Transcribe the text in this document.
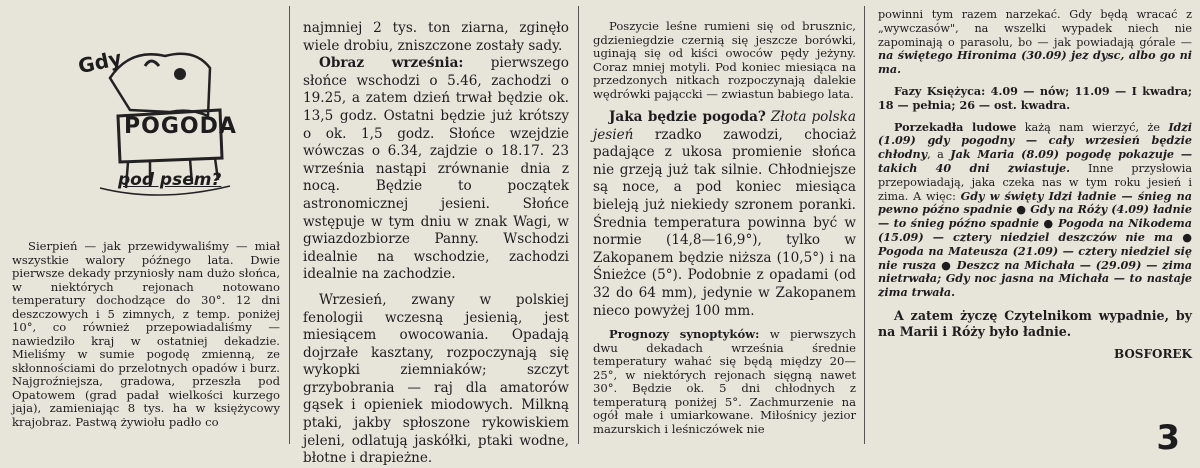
Gdy
POGODA
pod psem?

Sierpień — jak przewidywaliśmy — miał wszystkie walory późnego lata. Dwie pierwsze dekady przyniosły nam dużo słońca, w niektórych rejonach notowano temperatury dochodzące do 30°. 12 dni deszczowych i 5 zimnych, z temp. poniżej 10°, co również przepowiadaliśmy — nawiedziło kraj w ostatniej dekadzie. Mieliśmy w sumie pogodę zmienną, ze skłonnościami do przelotnych opadów i burz. Najgroźniejsza, gradowa, przeszła pod Opatowem (grad padał wielkości kurzego jaja), zamieniając 8 tys. ha w księżycowy krajobraz. Pastwą żywiołu padło co

najmniej 2 tys. ton ziarna, zginęło wiele drobiu, zniszczone zostały sady.

Obraz września: pierwszego słońce wschodzi o 5.46, zachodzi o 19.25, a zatem dzień trwał będzie ok. 13,5 godz. Ostatni będzie już krótszy o ok. 1,5 godz. Słońce wzejdzie wówczas o 6.34, zajdzie o 18.17. 23 września nastąpi zrównanie dnia z nocą. Będzie to początek astronomicznej jesieni. Słońce wstępuje w tym dniu w znak Wagi, w gwiazdozbiorze Panny. Wschodzi idealnie na wschodzie, zachodzi idealnie na zachodzie.

Wrzesień, zwany w polskiej fenologii wczesną jesienią, jest miesiącem owocowania. Opadają dojrzałe kasztany, rozpoczynają się wykopki ziemniaków; szczyt grzybobrania — raj dla amatorów gąsek i opieniek miodowych. Milkną ptaki, jakby spłoszone rykowiskiem jeleni, odlatują jaskółki, ptaki wodne, błotne i drapieżne.

Poszycie leśne rumieni się od brusznic, gdzieniegdzie czernią się jeszcze borówki, uginają się od kiści owoców pędy jeżyny. Coraz mniej motyli. Pod koniec miesiąca na przedzonych nitkach rozpoczynają dalekie wędrówki pająccki — zwiastun babiego lata.

Jaka będzie pogoda? Złota polska jesień rzadko zawodzi, chociaż padające z ukosa promienie słońca nie grzeją już tak silnie. Chłodniejsze są noce, a pod koniec miesiąca bieleją już niekiedy szronem poranki. Średnia temperatura powinna być w normie (14,8—16,9°), tylko w Zakopanem będzie niższa (10,5°) i na Śnieżce (5°). Podobnie z opadami (od 32 do 64 mm), jedynie w Zakopanem nieco powyżej 100 mm.

Prognozy synoptyków: w pierwszych dwu dekadach września średnie temperatury wahać się będą między 20—25°, w niektórych rejonach sięgną nawet 30°. Będzie ok. 5 dni chłodnych z temperaturą poniżej 5°. Zachmurzenie na ogół małe i umiarkowane. Miłośnicy jezior mazurskich i leśniczówek nie

powinni tym razem narzekać. Gdy będą wracać z „wywczasów", na wszelki wypadek niech nie zapominają o parasolu, bo — jak powiadają górale — na świętego Hironima (30.09) jez dysc, albo go ni ma.

Fazy Księżyca: 4.09 — nów; 11.09 — I kwadra; 18 — pełnia; 26 — ost. kwadra.

Porzekadła ludowe każą nam wierzyć, że Idzi (1.09) gdy pogodny — cały wrzesień będzie chłodny, a Jak Maria (8.09) pogodę pokazuje — takich 40 dni zwiastuje. Inne przysłowia przepowiadają, jaka czeka nas w tym roku jesień i zima. A więc: Gdy w święty Idzi ładnie — śnieg na pewno późno spadnie ● Gdy na Róży (4.09) ładnie — to śnieg późno spadnie ● Pogoda na Nikodema (15.09) — cztery niedziel deszczów nie ma ● Pogoda na Mateusza (21.09) — cztery niedziel się nie rusza ● Deszcz na Michała — (29.09) — zima nietrwała; Gdy noc jasna na Michała — to nastaje zima trwała.

A zatem życzę Czytelnikom wypadnie, by na Marii i Róży było ładnie.

BOSFOREK

3
